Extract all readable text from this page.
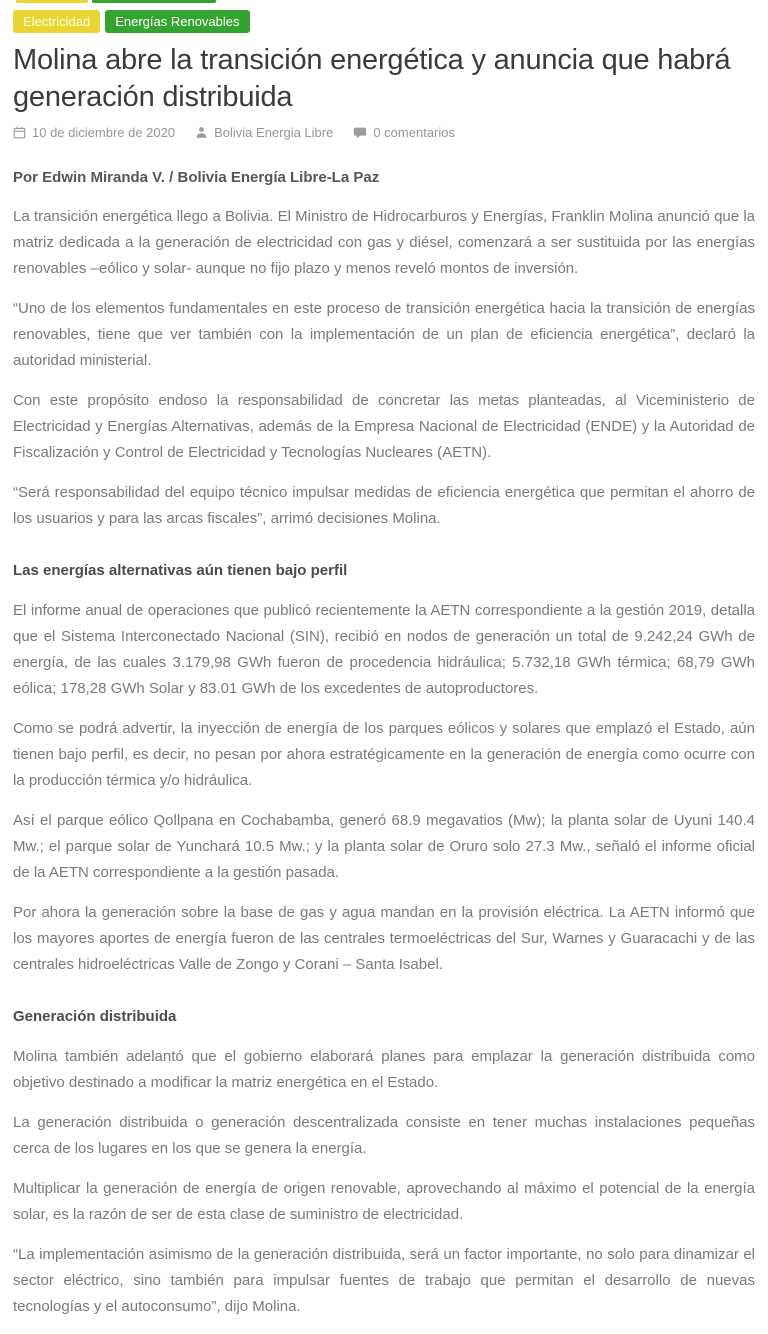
Electricidad	Energías Renovables
Molina abre la transición energética y anuncia que habrá generación distribuida
10 de diciembre de 2020	Bolivia Energia Libre	0 comentarios

Por Edwin Miranda V. / Bolivia Energía Libre-La Paz

La transición energética llego a Bolivia. El Ministro de Hidrocarburos y Energías, Franklin Molina anunció que la matriz dedicada a la generación de electricidad con gas y diésel, comenzará a ser sustituida por las energías renovables –eólico y solar- aunque no fijo plazo y menos reveló montos de inversión.

“Uno de los elementos fundamentales en este proceso de transición energética hacia la transición de energías renovables, tiene que ver también con la implementación de un plan de eficiencia energética”, declaró la autoridad ministerial.

Con este propósito endoso la responsabilidad de concretar las metas planteadas, al Viceministerio de Electricidad y Energías Alternativas, además de la Empresa Nacional de Electricidad (ENDE) y la Autoridad de Fiscalización y Control de Electricidad y Tecnologías Nucleares (AETN).

“Será responsabilidad del equipo técnico impulsar medidas de eficiencia energética que permitan el ahorro de los usuarios y para las arcas fiscales”, arrimó decisiones Molina.

Las energías alternativas aún tienen bajo perfil

El informe anual de operaciones que publicó recientemente la AETN correspondiente a la gestión 2019, detalla que el Sistema Interconectado Nacional (SIN), recibió en nodos de generación un total de 9.242,24 GWh de energía, de las cuales 3.179,98 GWh fueron de procedencia hidráulica; 5.732,18 GWh térmica; 68,79 GWh eólica; 178,28 GWh Solar y 83.01 GWh de los excedentes de autoproductores.

Como se podrá advertir, la inyección de energía de los parques eólicos y solares que emplazó el Estado, aún tienen bajo perfil, es decir, no pesan por ahora estratégicamente en la generación de energía como ocurre con la producción térmica y/o hidráulica.

Así el parque eólico Qollpana en Cochabamba, generó 68.9 megavatios (Mw); la planta solar de Uyuni 140.4 Mw.; el parque solar de Yunchará 10.5 Mw.; y la planta solar de Oruro solo 27.3 Mw., señaló el informe oficial de la AETN correspondiente a la gestión pasada.

Por ahora la generación sobre la base de gas y agua mandan en la provisión eléctrica. La AETN informó que los mayores aportes de energía fueron de las centrales termoeléctricas del Sur, Warnes y Guaracachi y de las centrales hidroeléctricas Valle de Zongo y Corani – Santa Isabel.

Generación distribuida

Molina también adelantó que el gobierno elaborará planes para emplazar la generación distribuida como objetivo destinado a modificar la matriz energética en el Estado.

La generación distribuida o generación descentralizada consiste en tener muchas instalaciones pequeñas cerca de los lugares en los que se genera la energía.

Multiplicar la generación de energía de origen renovable, aprovechando al máximo el potencial de la energía solar, es la razón de ser de esta clase de suministro de electricidad.

“La implementación asimismo de la generación distribuida, será un factor importante, no solo para dinamizar el sector eléctrico, sino también para impulsar fuentes de trabajo que permitan el desarrollo de nuevas tecnologías y el autoconsumo”, dijo Molina.
